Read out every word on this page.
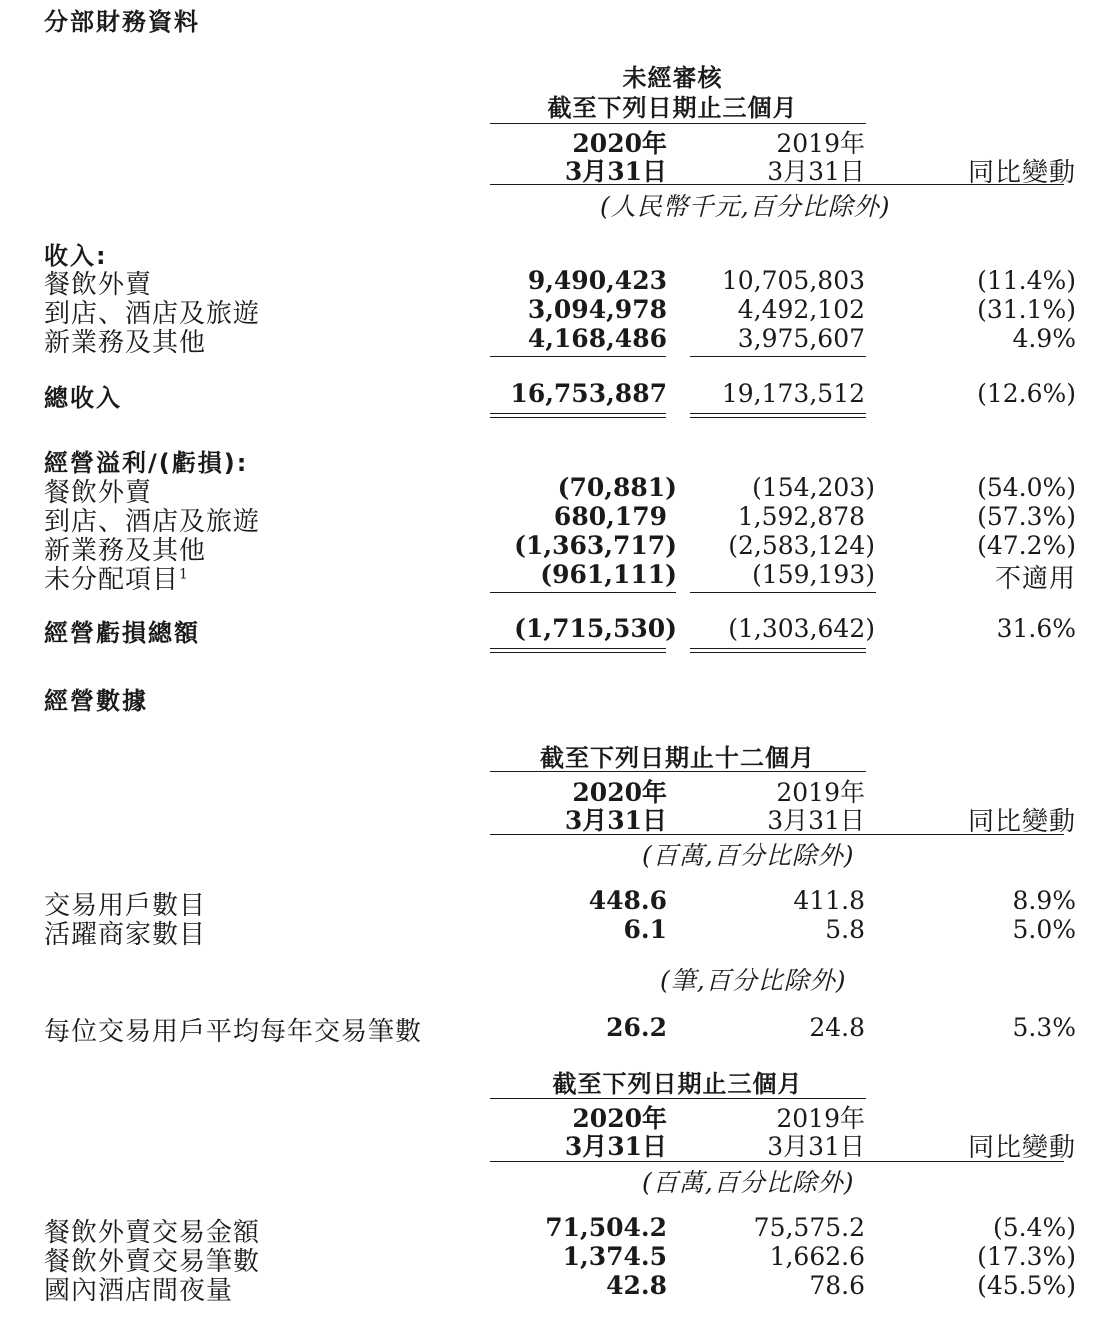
分部財務資料
未經審核
截至下列日期止三個月
2020年
3月31日
2019年
3月31日	同比變動
(人民幣千元,百分比除外)
收入:
餐飲外賣	9,490,423 10,705,803	(11.4%)
到店、酒店及旅遊	3,094,978	4,492,102	(31.1%)
新業務及其他	4,168,486	3,975,607	4.9%
總收入	16,753,887 19,173,512	(12.6%)
經營溢利/(虧損):
餐飲外賣	(70,881)	(154,203)	(54.0%)
到店、酒店及旅遊	680,179	1,592,878	(57.3%)
新業務及其他	(1,363,717) (2,583,124)	(47.2%)
未分配項目$^1$	(961,111)	(159,193)	不適用
經營虧損總額	(1,715,530) (1,303,642)	31.6%
經營數據
截至下列日期止十二個月
2020年
3月31日
2019年
3月31日	同比變動
(百萬,百分比除外)
交易用戶數目	448.6	411.8	8.9%
活躍商家數目	6.1	5.8	5.0%
(筆,百分比除外)
每位交易用戶平均每年交易筆數	26.2	24.8	5.3%
截至下列日期止三個月
2020年
3月31日
2019年
3月31日	同比變動
(百萬,百分比除外)
餐飲外賣交易金額	71,504.2	75,575.2	(5.4%)
餐飲外賣交易筆數	1,374.5	1,662.6	(17.3%)
國內酒店間夜量	42.8	78.6	(45.5%)
